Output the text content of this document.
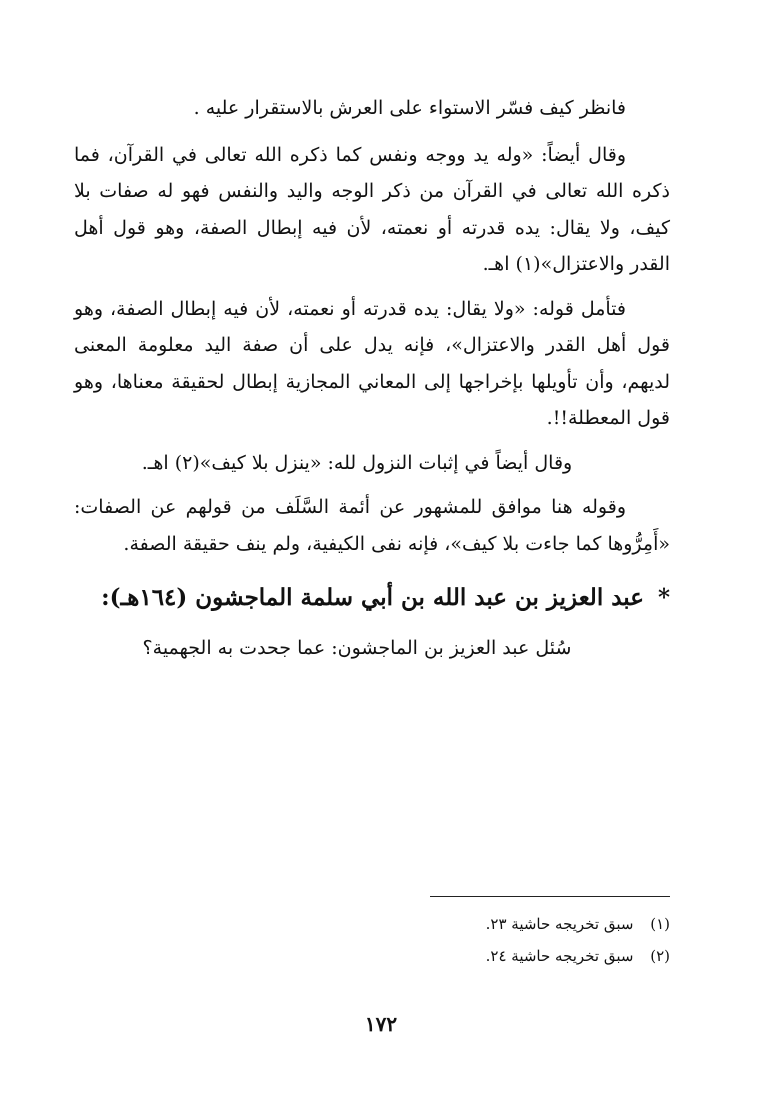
فانظر كيف فسّر الاستواء على العرش بالاستقرار عليه .

وقال أيضاً: «وله يد ووجه ونفس كما ذكره الله تعالى في القرآن، فما ذكره الله تعالى في القرآن من ذكر الوجه واليد والنفس فهو له صفات بلا كيف، ولا يقال: يده قدرته أو نعمته، لأن فيه إبطال الصفة، وهو قول أهل القدر والاعتزال»(١) اهـ.

فتأمل قوله: «ولا يقال: يده قدرته أو نعمته، لأن فيه إبطال الصفة، وهو قول أهل القدر والاعتزال»، فإنه يدل على أن صفة اليد معلومة المعنى لديهم، وأن تأويلها بإخراجها إلى المعاني المجازية إبطال لحقيقة معناها، وهو قول المعطلة!!.

وقال أيضاً في إثبات النزول لله: «ينزل بلا كيف»(٢) اهـ.

وقوله هنا موافق للمشهور عن أئمة السَّلَف من قولهم عن الصفات: «أَمِرُّوها كما جاءت بلا كيف»، فإنه نفى الكيفية، ولم ينف حقيقة الصفة.

* عبد العزيز بن عبد الله بن أبي سلمة الماجشون (١٦٤هـ):

سُئل عبد العزيز بن الماجشون: عما جحدت به الجهمية؟

(١) سبق تخريجه حاشية ٢٣.
(٢) سبق تخريجه حاشية ٢٤.
١٧٢
